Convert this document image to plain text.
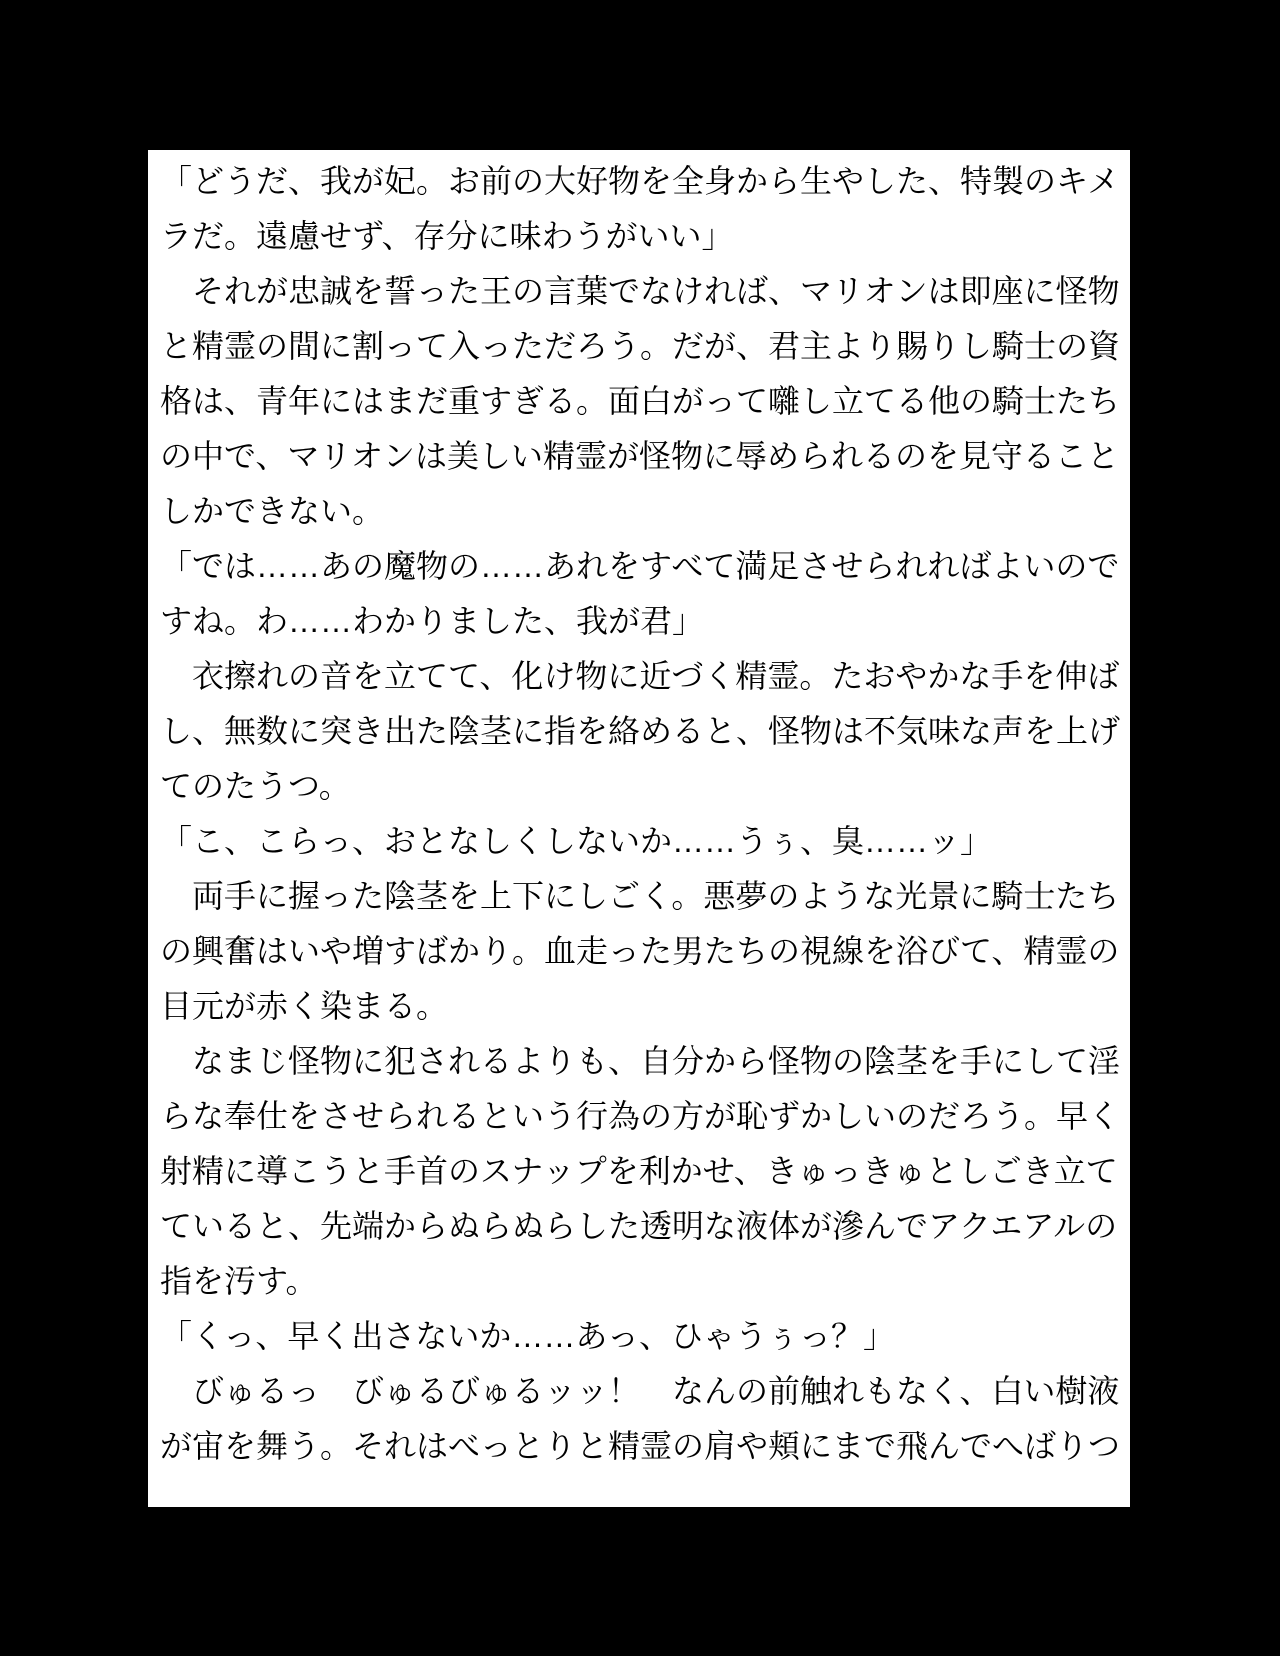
「どうだ、我が妃。お前の大好物を全身から生やした、特製のキメ
ラだ。遠慮せず、存分に味わうがいい」
　それが忠誠を誓った王の言葉でなければ、マリオンは即座に怪物
と精霊の間に割って入っただろう。だが、君主より賜りし騎士の資
格は、青年にはまだ重すぎる。面白がって囃し立てる他の騎士たち
の中で、マリオンは美しい精霊が怪物に辱められるのを見守ること
しかできない。
「では……あの魔物の……あれをすべて満足させられればよいので
すね。わ……わかりました、我が君」
　衣擦れの音を立てて、化け物に近づく精霊。たおやかな手を伸ば
し、無数に突き出た陰茎に指を絡めると、怪物は不気味な声を上げ
てのたうつ。
「こ、こらっ、おとなしくしないか……うぅ、臭……ッ」
　両手に握った陰茎を上下にしごく。悪夢のような光景に騎士たち
の興奮はいや増すばかり。血走った男たちの視線を浴びて、精霊の
目元が赤く染まる。
　なまじ怪物に犯されるよりも、自分から怪物の陰茎を手にして淫
らな奉仕をさせられるという行為の方が恥ずかしいのだろう。早く
射精に導こうと手首のスナップを利かせ、きゅっきゅとしごき立て
ていると、先端からぬらぬらした透明な液体が滲んでアクエアルの
指を汚す。
「くっ、早く出さないか……あっ、ひゃうぅっ？」
　びゅるっ　びゅるびゅるッッ！　なんの前触れもなく、白い樹液
が宙を舞う。それはべっとりと精霊の肩や頬にまで飛んでへばりつ
